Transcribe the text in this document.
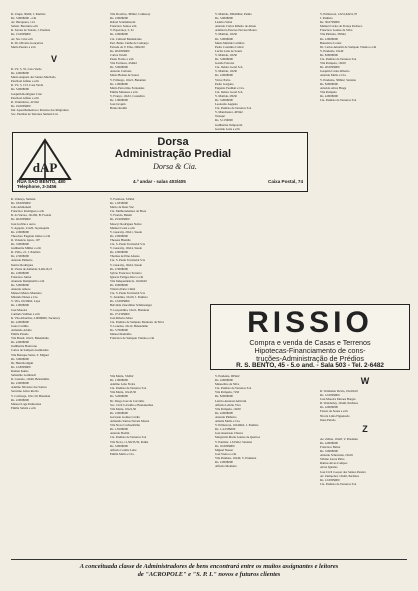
R. Urupé, 30s60, J. Paulista
Rs. 5.000$000 - e/m
Av. Ibirapuera, 114
Sebast. Bevenuto e/m
R. Xavier de Toledo, J. Paulista
Rs. 15.000$000
Av. Sta. Cruz e/m
R. Dr. Oliveira Gonçalves
Maria Pereira e e/m
V
R. Vd. 5, 55, Casa Verde
Rs. 4.000$000
Maria Augusta dos Santos Machado
Paschoal Alfano e e/m
R. Vd. 5, 153, Casa Verde
Rs. 5.000$000
Joaquim Rodrigues Cruz
Paschoal Alfano e e/m
R. Voluntários, 415m2
Rs. 19.000$000
Ind. Aparelhamentos e Pesados dos Imigrantes
Soc. Paulista de Terrenos Sumaré Ltd.
Vila Doralice, 300m2, Canhoery
Rs. 2.000$000
Rafael Sciammaroni
Francisco Santos e/m
V. Esperança, 5, 61
Rs. 2.000$000
Cia. Cultural Bandeirante
Pert. Bento Cunha de Camargo
Estrada de V. Ema, 200s100
Rs. 40.000$000
Carlos Vareth
Paulo Freixo e e/m
Vila Formosa, 454m2
Rs. 5.000$000
Antonio Carbone
Maria Helena de Souza
V. Friburgo, 10s21, Butantan
Rs. 1.000$000
Maria Patrocinio Fernandes
Emilia Menezes e e/m
V. França, 10s32, Carandiru
Rs. 1.900$000
José Jacquin
Bruno Rodini
V. Matilde, 300s60m2, Penha
Rs. 3.600$000
Ladeira Sabia
Antonio Carlos Ribeiro de Abreu
Adalberto Esteves Novaes Moura
V. Matilde, 10s50
Rs. 5.000$000
Maria Matilde Coimbra
Pedro Coutinho Cabral
Lucila Leite de Souza
V. Matilde, 10s50
Rs. 5.000$000
Gastão Ferreira
Cia. Indust. Geral S/A
V. Matilde, 10s30
Rs. 2.000$000
Victor Paiva
Pedro Gargano
Eugenio Faulhari e Cia.
Cia. Indust. Geral S/A
V. Matilde, 28s50
Rs. 3.000$000
Leonardo Augusto
Cia. Paulista de Terrenos S/A
V. Manchester, 405m2
Tatuapé
Rs. 5.115$000
Guilherme Temporani
Geraldo Leite e e/m
V. Primavera, 12s51,64s51,70
J. Paulista
Rs. 30.070$000
Manuel Carlos de França Pacheco
Francisco Gomes da Silva
Vila Pirituba, 350m2
Rs. 2.000$000
Benedicta Cortez
Dr. Carlos Amorim de Sampaio Vianna e e/m
V. Prudente, 10s40
Rs. 8.000$000
Cia. Paulista de Terrenos S/A
Vila Pompeia, 10s50
Rs. 20.000$000
Joaquim Carlos Ribeiro
Antonio Mello e Cia.
V. Prudente, 300m2, Santana
Rs. 8.000$000
Arnoldo Alves Braga
Vila Pompéia
Rs. 4.000$000
Cia. Paulista de Terrenos S/A
dAP
Dorsa
Administração Predial
Dorsa & Cia.
RUA SÃO BENTO, 480
Telephone, 3-3456
4.º andar - salas 403/405	Caixa Postal, 74
R. Valença, Sumaré
Rs. 18.000$000
João Ammanetti
Francisco Rodrigues e e/m
R. da Varzea, 10s160, B. Fronda
Rs. 40.000$000
José Galvão e outro
V. Agapito, 21s20, Jaçanaquila
Rs. 2.000$000
Theodoro Eugenio Junior e e/m
R. Venancio Ayres, 107
Rs. 3.000$000
Guilherme Müller e e/m
R. Vidro, 21, J. Paulista
Rs. 2.500$000
Antonio Pinheiro
Irenice Rodrigues
R. Vieira de Almeida, 9,40s10,15
Rs. 2.000$000
Francisco Junior
Atanazio Rampinelli e e/m
Rs. 5.000$000
Antonio Amore
Manoel Mauro Monteiro
Miranda Nunes e Cia.
V. Vila, 10s30m2, Lapa
Rs. 1.000$000
José Moreira
Carmela Vollmer e e/m
R. Vila Albertina, 2.000$000, Tucuruvy
Rs. 4.000$000
Jesus Carrilho
Armando Adalio
Emilia Patudo
Vila Brasil, 10s21, Belenzinho
Rs. 4.000$000
Guilherme Bonicone
Carlos de Sampaio Guimarães
Vila Buarque Santa, S. Miguel
Rs. 3.000$000
Dr. Hein Rodiguit
Rs. 12.800$000
Romeu Kunss
Sebastião Lombardi
R. Caetano, 10s40, Belenzinho
Rs. 2.000$000
Adelino Silvestre dos Santos
Severino Alves Rocha
V. Cavinoga, 10s1,50, Butantan
Rs. 2.000$000
Manoel Lage Damorena
Emilia Sabala e e/m
V. Formosa, 543m2
Rs. 1.935$000
Mario de Deus Vaz
Cia. Melhoramentos de Boaz
V. Fiorida, Belém
Rs. 25.000$000
Moacyr Rodrigues Nobre
Manuel Costa e e/m
V. Guarany, 20s21, Saude
Rs. 2.000$000
Theseus Hiemhs
Cia. S. Paulo Territorial S/A
V. Guarany, 10s24, Saude
Rs. 2.000$000
Thomas de Pina Afonso
Cia. S. Paulo Territorial S/A
V. Guarany, 10s24, Saude
Rs. 2.500$000
Sylvio Francisco Ferreira
Ignacio Felippe Kirz e e/m
Vila Independencia, 10,60s20
Rs. 9.000$000
Vittoria Ilario Cimal
Cia. S. Paulo Territorial S/A
V. Jardelina, 10s20, J. Paulista
Rs. 12.000$000
Belvinda Zsaramber Schmaeziger
V. Leopoldina, 10s21, Butantan
Rs. 27.230$000
José Ribeiro Mota
Cia. Paulista de Sampaio Monteiro da Silva
V. Lourdes, 10s12, Belenzinho
Rs. 5.700$000
Manoel Ramalho
Francisca de Sampaio Vianna e e/m	RISSIO
Compra e venda de Casas e Terrenos
Hipotecas-Financiamento de cons-
truções-Administração de Prédios
R. S. BENTO, 45 - 5.o and. - Sala 503 - Tel. 2-6482
Vila Maria, 532m2
Rs. 1.000$000
Adelino Leão Freire
Cia. Paulista de Terrenos S/A
Vila Maria, 10s45,50
Rs. 3.200$000
Dr. Diogo José de Carvalho
Soc. Civil Carvalho e Bassanezhas
Vila Maria, 10s21,50
Rs. 2.000$000
Gervasio Gomes Cardia
Armando Santos Novais Moura
Vila Nova Cachoeirinha
Rs. 1.810$000
Antonio Bodini
Cia. Paulista de Terrenos S/A
Vila Nova, 11,50s33,50, Penha
Rs. 3.000$000
Alfredo Coelho Leite
Emilia Mello e Cia.
V. Prudente, 965m2
Rs. 4.000$000
Manoelino da Silva
Cia. Paulista de Terrenos S/A
Vila Pompéia, 7s50
Rs. 8.000$000
Leticia Anastasi Antivani
Alfredo Lebrão Viva
Vila Pompéia, 10s50
Rs. 4.000$000
Antonio Pinheiro
Amelia Mello e Cia.
V. Primavera, 10x40m2, J. Paulista
Rs. 1.4.233$000
José Anastasio Chaves
Margarida Maria Gomes de Queiroz
V. Paulista, 1.615m2, Santana
Rs. 10.000$000
Miguel Nasser
José Vieira e e/m
Vila Pendura, 10x40, V. Prudente
Rs. 2.000$000
Alfredo Monteiro
W
R. Waldemar Devla, 10x20s10
Rs. 12.000$000
José Moreira Moraes Borges
R. Wanderley, 10x40, Perdizes
Rs. 4.000$000
Fausto de Sousa e e/m
Nicola Lima Figueiredo
Irene Paixão
Z
Az. Zelina, 10s20, V. Prudente
Rs. 4.000$000
Francisco Baltar
Rs. 3.000$000
Antonio Schewnen, 10x45
Silvino Lucas Pinto
Ramos Alves Campos
Alves Iglesias
José Civil Cooper dos Santos Pereira
Av. Zumpobel, 10x40, Perdizes
Rs. 12.000$000
Cia. Paulista de Terrenos S/A
A conceituada classe de Administradores de bens encontrará entre os muitos assignantes e leitores
de "ACROPOLE" e "S. P. I." novos e futuros clientes
